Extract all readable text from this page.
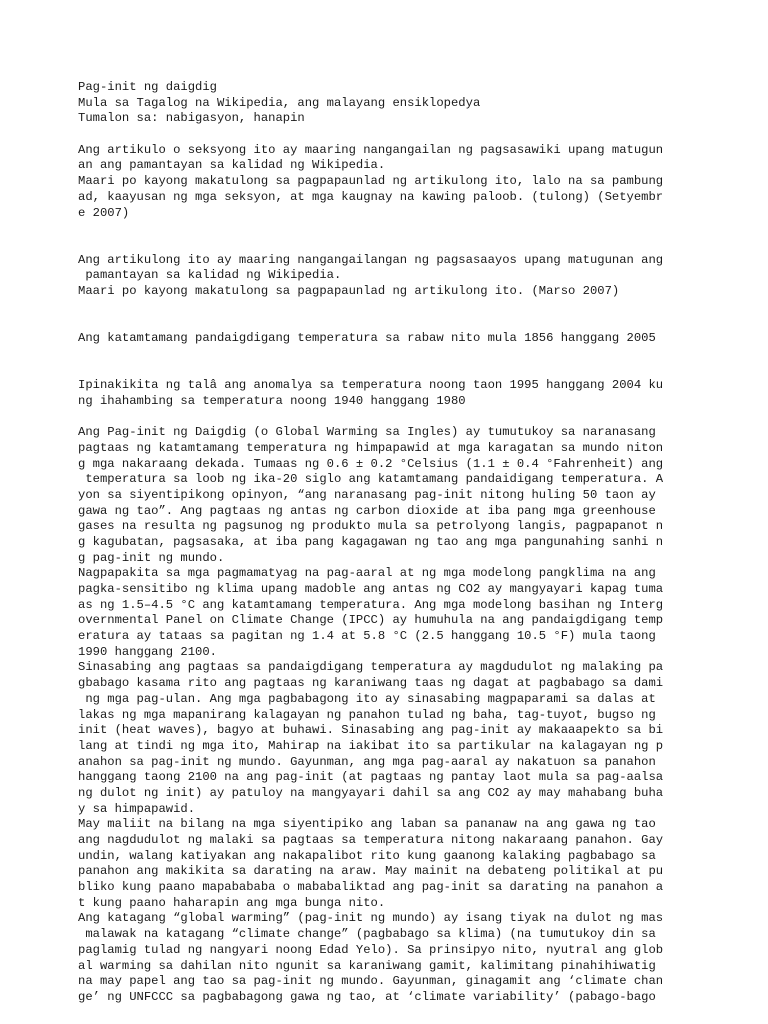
Pag-init ng daigdig
Mula sa Tagalog na Wikipedia, ang malayang ensiklopedya
Tumalon sa: nabigasyon, hanapin
Ang artikulo o seksyong ito ay maaring nangangailan ng pagsasawiki upang matugun
an ang pamantayan sa kalidad ng Wikipedia.
Maari po kayong makatulong sa pagpapaunlad ng artikulong ito, lalo na sa pambung
ad, kaayusan ng mga seksyon, at mga kaugnay na kawing paloob. (tulong) (Setyembr
e 2007)
Ang artikulong ito ay maaring nangangailangan ng pagsasaayos upang matugunan ang
pamantayan sa kalidad ng Wikipedia.
Maari po kayong makatulong sa pagpapaunlad ng artikulong ito. (Marso 2007)
Ang katamtamang pandaigdigang temperatura sa rabaw nito mula 1856 hanggang 2005
Ipinakikita ng talâ ang anomalya sa temperatura noong taon 1995 hanggang 2004 ku
ng ihahambing sa temperatura noong 1940 hanggang 1980
Ang Pag-init ng Daigdig (o Global Warming sa Ingles) ay tumutukoy sa naranasang
pagtaas ng katamtamang temperatura ng himpapawid at mga karagatan sa mundo niton
g mga nakaraang dekada. Tumaas ng 0.6 ± 0.2 °Celsius (1.1 ± 0.4 °Fahrenheit) ang
temperatura sa loob ng ika-20 siglo ang katamtamang pandaidigang temperatura. A
yon sa siyentipikong opinyon, “ang naranasang pag-init nitong huling 50 taon ay
gawa ng tao”. Ang pagtaas ng antas ng carbon dioxide at iba pang mga greenhouse
gases na resulta ng pagsunog ng produkto mula sa petrolyong langis, pagpapanot n
g kagubatan, pagsasaka, at iba pang kagagawan ng tao ang mga pangunahing sanhi n
g pag-init ng mundo.
Nagpapakita sa mga pagmamatyag na pag-aaral at ng mga modelong pangklima na ang
pagka-sensitibo ng klima upang madoble ang antas ng CO2 ay mangyayari kapag tuma
as ng 1.5–4.5 °C ang katamtamang temperatura. Ang mga modelong basihan ng Interg
overnmental Panel on Climate Change (IPCC) ay humuhula na ang pandaigdigang temp
eratura ay tataas sa pagitan ng 1.4 at 5.8 °C (2.5 hanggang 10.5 °F) mula taong
1990 hanggang 2100.
Sinasabing ang pagtaas sa pandaigdigang temperatura ay magdudulot ng malaking pa
gbabago kasama rito ang pagtaas ng karaniwang taas ng dagat at pagbabago sa dami
ng mga pag-ulan. Ang mga pagbabagong ito ay sinasabing magpaparami sa dalas at
lakas ng mga mapanirang kalagayan ng panahon tulad ng baha, tag-tuyot, bugso ng
init (heat waves), bagyo at buhawi. Sinasabing ang pag-init ay makaaapekto sa bi
lang at tindi ng mga ito, Mahirap na iakibat ito sa partikular na kalagayan ng p
anahon sa pag-init ng mundo. Gayunman, ang mga pag-aaral ay nakatuon sa panahon
hanggang taong 2100 na ang pag-init (at pagtaas ng pantay laot mula sa pag-aalsa
ng dulot ng init) ay patuloy na mangyayari dahil sa ang CO2 ay may mahabang buha
y sa himpapawid.
May maliit na bilang na mga siyentipiko ang laban sa pananaw na ang gawa ng tao
ang nagdudulot ng malaki sa pagtaas sa temperatura nitong nakaraang panahon. Gay
undin, walang katiyakan ang nakapalibot rito kung gaanong kalaking pagbabago sa
panahon ang makikita sa darating na araw. May mainit na debateng politikal at pu
bliko kung paano mapabababa o mababaliktad ang pag-init sa darating na panahon a
t kung paano haharapin ang mga bunga nito.
Ang katagang “global warming” (pag-init ng mundo) ay isang tiyak na dulot ng mas
malawak na katagang “climate change” (pagbabago sa klima) (na tumutukoy din sa
paglamig tulad ng nangyari noong Edad Yelo). Sa prinsipyo nito, nyutral ang glob
al warming sa dahilan nito ngunit sa karaniwang gamit, kalimitang pinahihiwatig
na may papel ang tao sa pag-init ng mundo. Gayunman, ginagamit ang ‘climate chan
ge’ ng UNFCCC sa pagbabagong gawa ng tao, at ‘climate variability’ (pabago-bago
